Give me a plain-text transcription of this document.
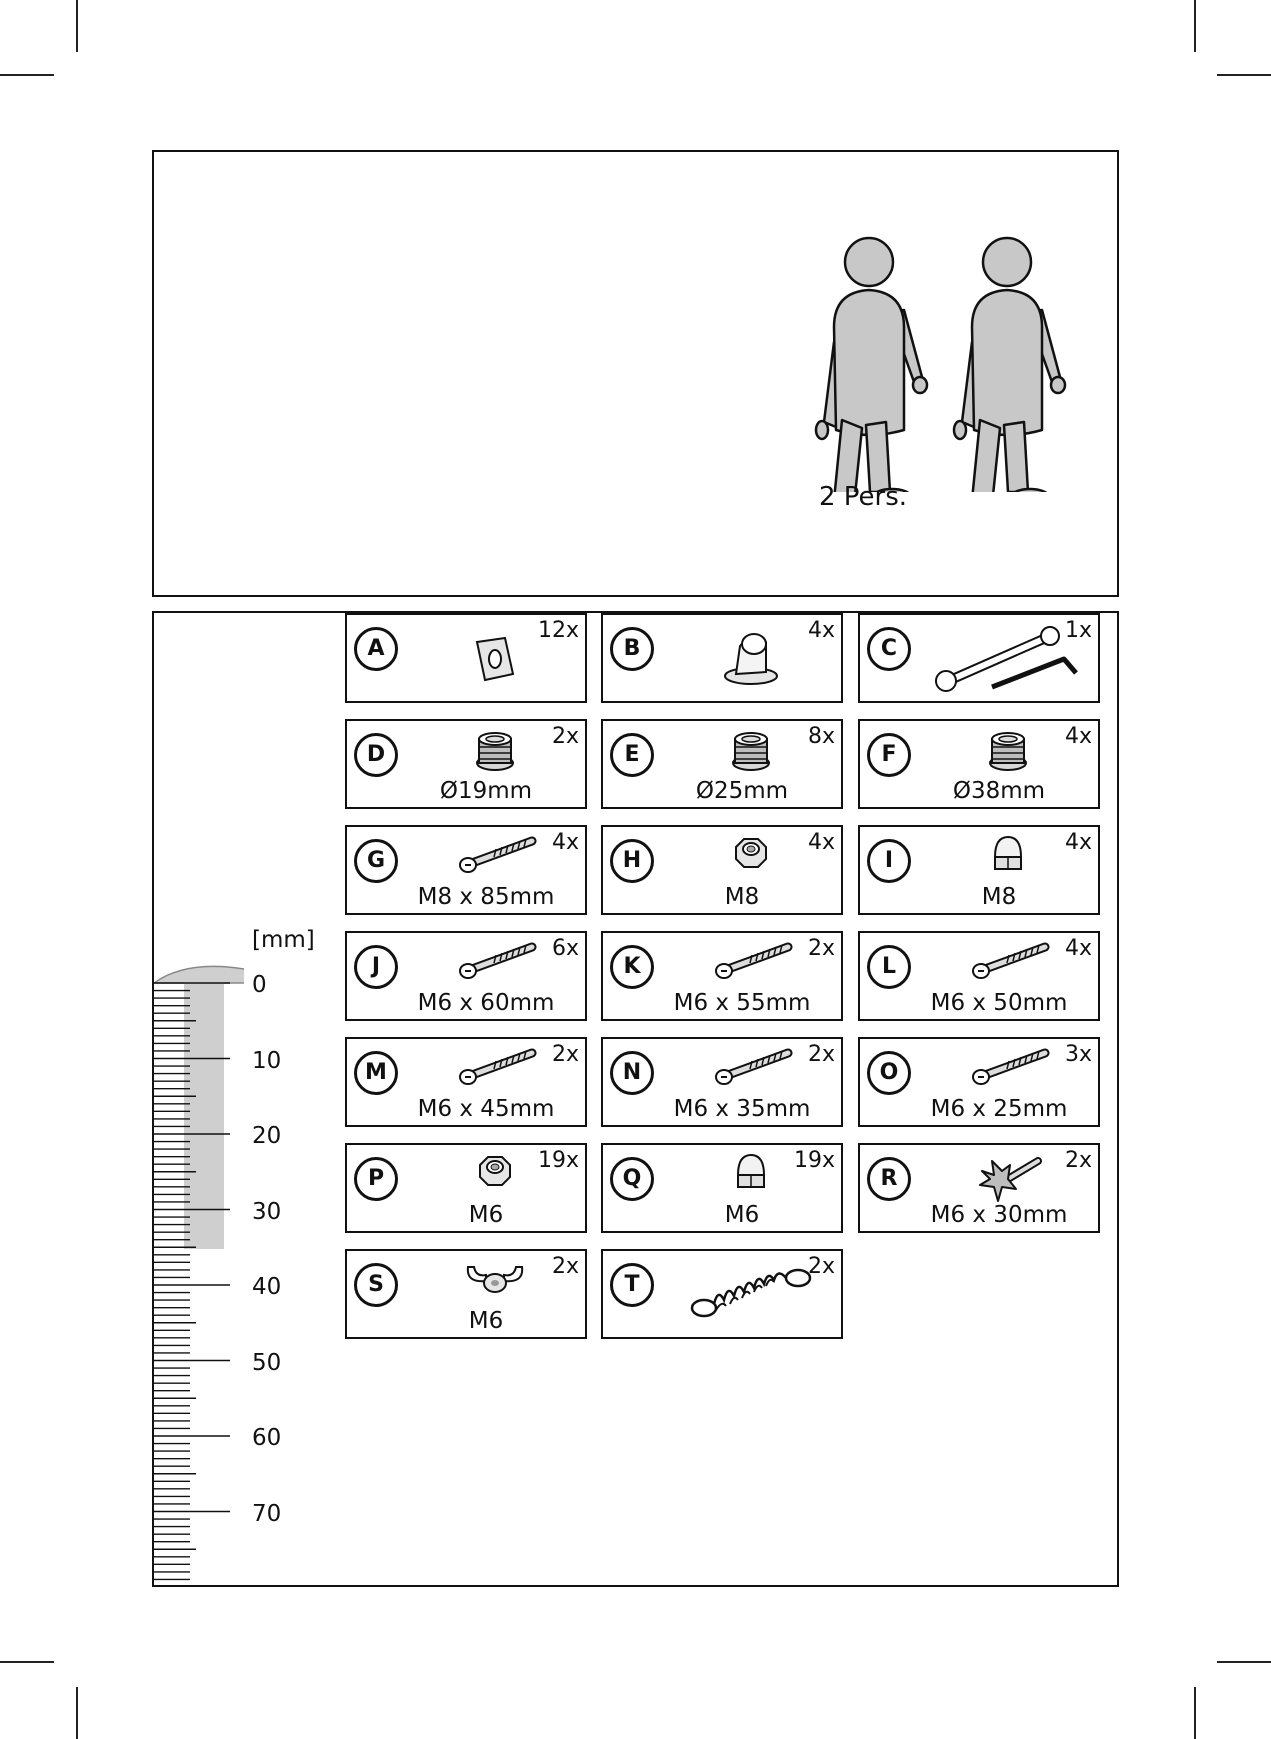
2 Pers.
[mm]
0
10
20
30
40
50
60
70
A
12x
B
4x
C
1x
D
2x
Ø19mm
E
8x
Ø25mm
F
4x
Ø38mm
G
4x
M8 x 85mm
H
4x
M8
I
4x
M8
J
6x
M6 x 60mm
K
2x
M6 x 55mm
L
4x
M6 x 50mm
M
2x
M6 x 45mm
N
2x
M6 x 35mm
O
3x
M6 x 25mm
P
19x
M6
Q
19x
M6
R
2x
M6 x 30mm
S
2x
M6
T
2x
